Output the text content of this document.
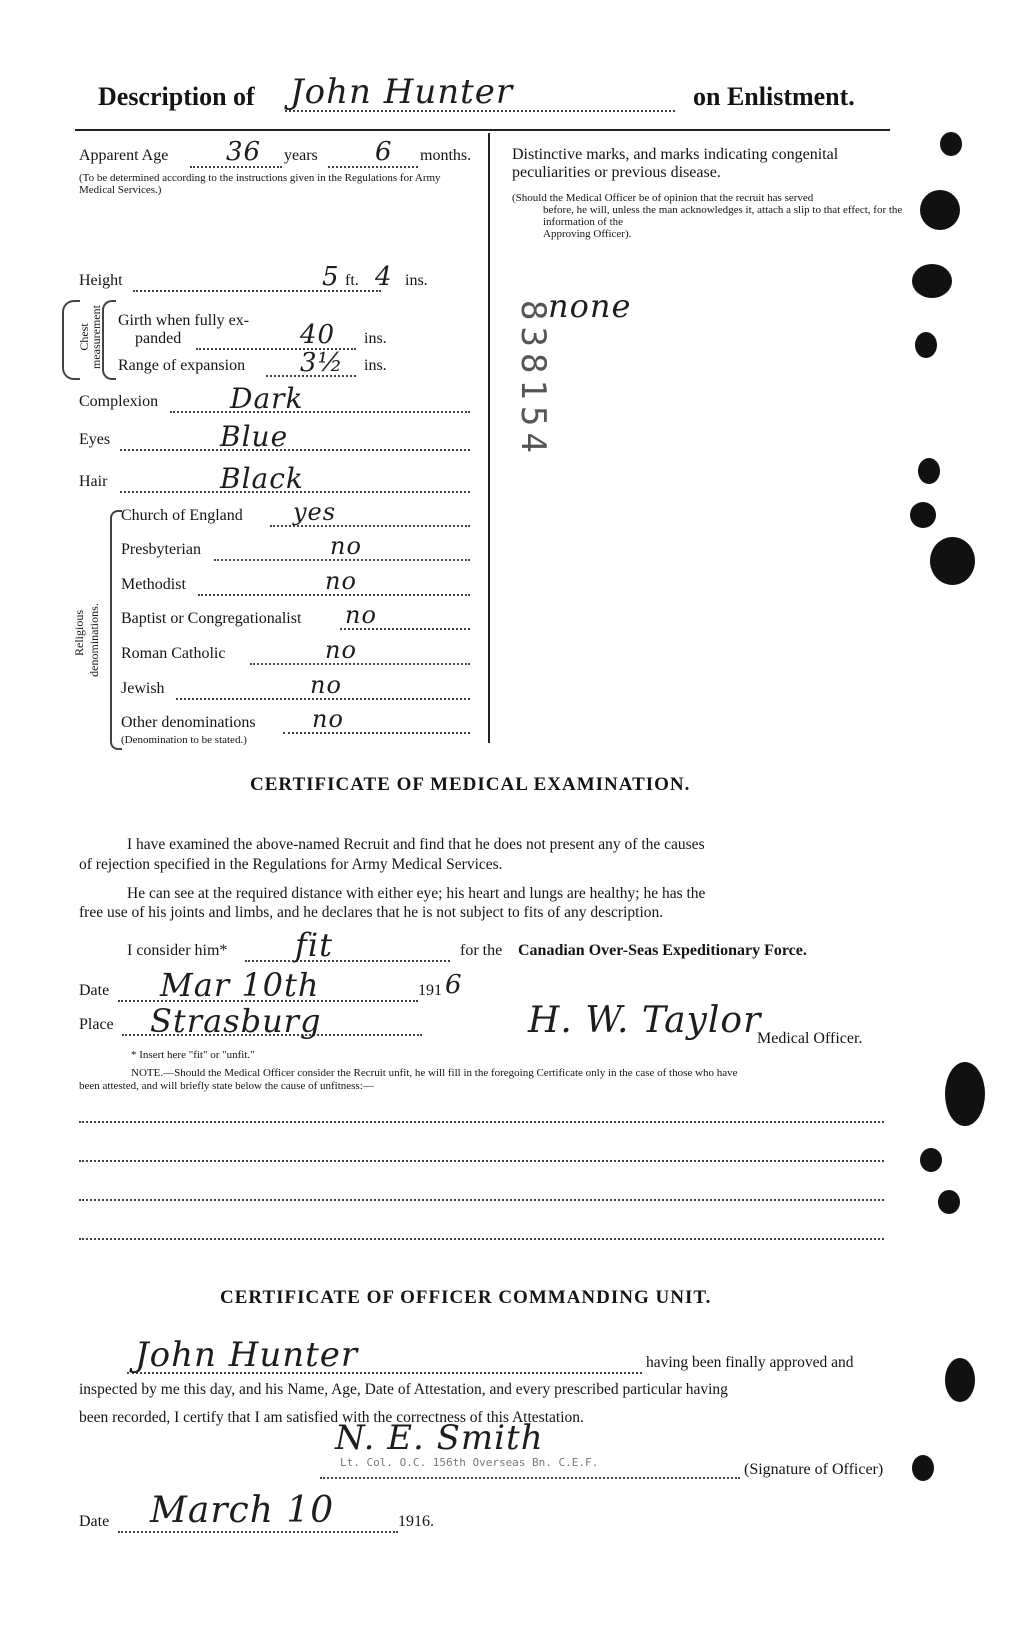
Description of John Hunter	on Enlistment.
Apparent Age 36 years 6 months.
(To be determined according to the instructions given in the Regulations for Army Medical Services.)
Height	5 ft. 4 ins.
Chest measurement Girth when fully ex-
panded	40 ins.
Range of expansion 3½ ins.
Complexion	Dark
Eyes	Blue
Hair	Black
Religious denominations.
Church of England yes
Presbyterian	no
Methodist	no
Baptist or Congregationalist no
Roman Catholic	no
Jewish	no
Other denominations no
(Denomination to be stated.)
Distinctive marks, and marks indicating congenital
peculiarities or previous disease.
(Should the Medical Officer be of opinion that the recruit has served
before, he will, unless the man acknowledges it, attach a slip to that effect, for the information of the
Approving Officer).
none
838154
CERTIFICATE OF MEDICAL EXAMINATION.
I have examined the above-named Recruit and find that he does not present any of the causes
of rejection specified in the Regulations for Army Medical Services.
He can see at the required distance with either eye; his heart and lungs are healthy; he has the
free use of his joints and limbs, and he declares that he is not subject to fits of any description.
I consider him* fit	for the Canadian Over-Seas Expeditionary Force.
Date Mar 10th	191 6
Place Strasburg	H. W. Taylor
Medical Officer.
* Insert here "fit" or "unfit."
NOTE.—Should the Medical Officer consider the Recruit unfit, he will fill in the foregoing Certificate only in the case of those who have
been attested, and will briefly state below the cause of unfitness:—
CERTIFICATE OF OFFICER COMMANDING UNIT.
John Hunter	having been finally approved and
inspected by me this day, and his Name, Age, Date of Attestation, and every prescribed particular having
been recorded, I certify that I am satisfied with the correctness of this Attestation.
N. E. Smith
Lt. Col. O.C. 156th Overseas Bn. C.E.F.	(Signature of Officer)
Date March 10	1916.
